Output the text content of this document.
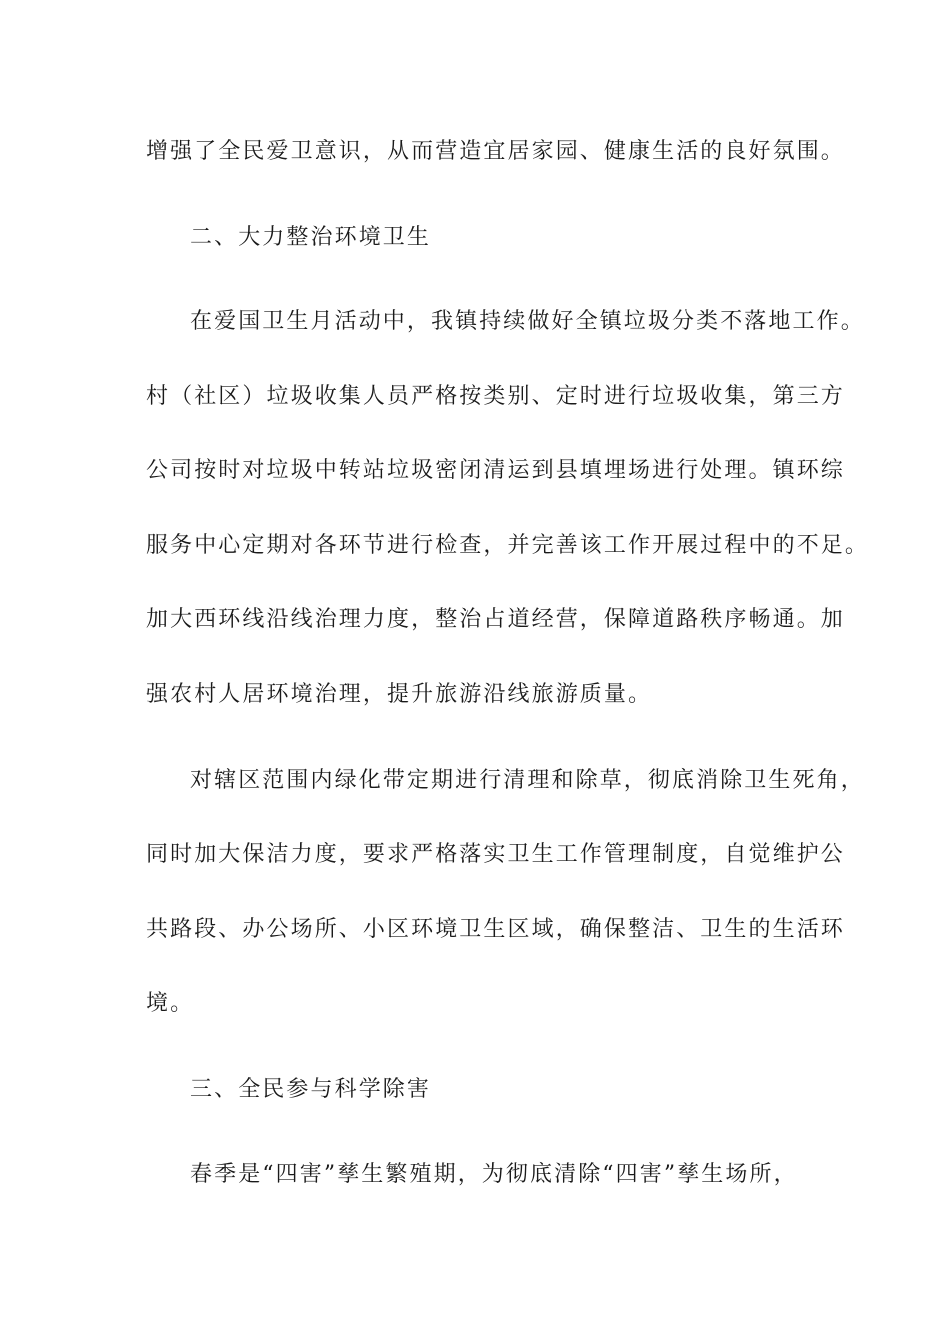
增强了全民爱卫意识，从而营造宜居家园、健康生活的良好氛围。
二、大力整治环境卫生
在爱国卫生月活动中，我镇持续做好全镇垃圾分类不落地工作。
村（社区）垃圾收集人员严格按类别、定时进行垃圾收集，第三方
公司按时对垃圾中转站垃圾密闭清运到县填埋场进行处理。镇环综
服务中心定期对各环节进行检查，并完善该工作开展过程中的不足。
加大西环线沿线治理力度，整治占道经营，保障道路秩序畅通。加
强农村人居环境治理，提升旅游沿线旅游质量。
对辖区范围内绿化带定期进行清理和除草，彻底消除卫生死角，
同时加大保洁力度，要求严格落实卫生工作管理制度，自觉维护公
共路段、办公场所、小区环境卫生区域，确保整洁、卫生的生活环
境。
三、全民参与科学除害
春季是“四害”孳生繁殖期，为彻底清除“四害”孳生场所，
